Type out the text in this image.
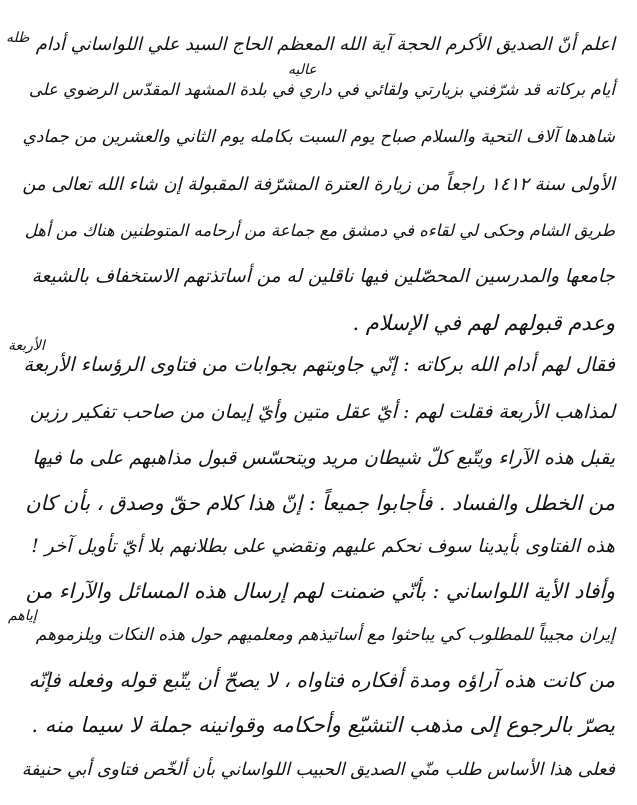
اعلم أنّ الصديق الأكرم الحجة آية الله المعظم الحاج السيد علي اللواساني أدام
أيام بركاته قد شرّفني بزيارتي ولقائي في داري في بلدة المشهد المقدّس الرضوي على
شاهدها آلاف التحية والسلام صباح يوم السبت بكامله يوم الثاني والعشرين من جمادي
الأولى سنة ١٤١٢ راجعاً من زيارة العترة المشرّفة المقبولة إن شاء الله تعالى من
طريق الشام وحكى لي لقاءه في دمشق مع جماعة من أرحامه المتوطنين هناك من أهل
جامعها والمدرسين المحصّلين فيها ناقلين له من أساتذتهم الاستخفاف بالشيعة
وعدم قبولهم لهم في الإسلام .
فقال لهم أدام الله بركاته : إنّي جاوبتهم بجوابات من فتاوى الرؤساء الأربعة
لمذاهب الأربعة فقلت لهم : أيّ عقل متين وأيّ إيمان من صاحب تفكير رزين
يقبل هذه الآراء ويتّبع كلّ شيطان مريد ويتحسّس قبول مذاهبهم على ما فيها
من الخطل والفساد . فأجابوا جميعاً : إنّ هذا كلام حقّ وصدق ، بأن كان
هذه الفتاوى بأيدينا سوف نحكم عليهم ونقضي على بطلانهم بلا أيّ تأويل آخر !
وأفاد الأية اللواساني : بأنّي ضمنت لهم إرسال هذه المسائل والآراء من
إيران مجيباً للمطلوب كي يباحثوا مع أساتيذهم ومعلميهم حول هذه النكات ويلزموهم
من كانت هذه آراؤه ومدة أفكاره فتاواه ، لا يصحّ أن يتّبع قوله وفعله فإنّه
يصرّ بالرجوع إلى مذهب التشيّع وأحكامه وقوانينه جملة لا سيما منه .
فعلى هذا الأساس طلب منّي الصديق الحبيب اللواساني بأن ألخّص فتاوى أبي حنيفة
ظله
عاليه
الأربعة
إياهم
